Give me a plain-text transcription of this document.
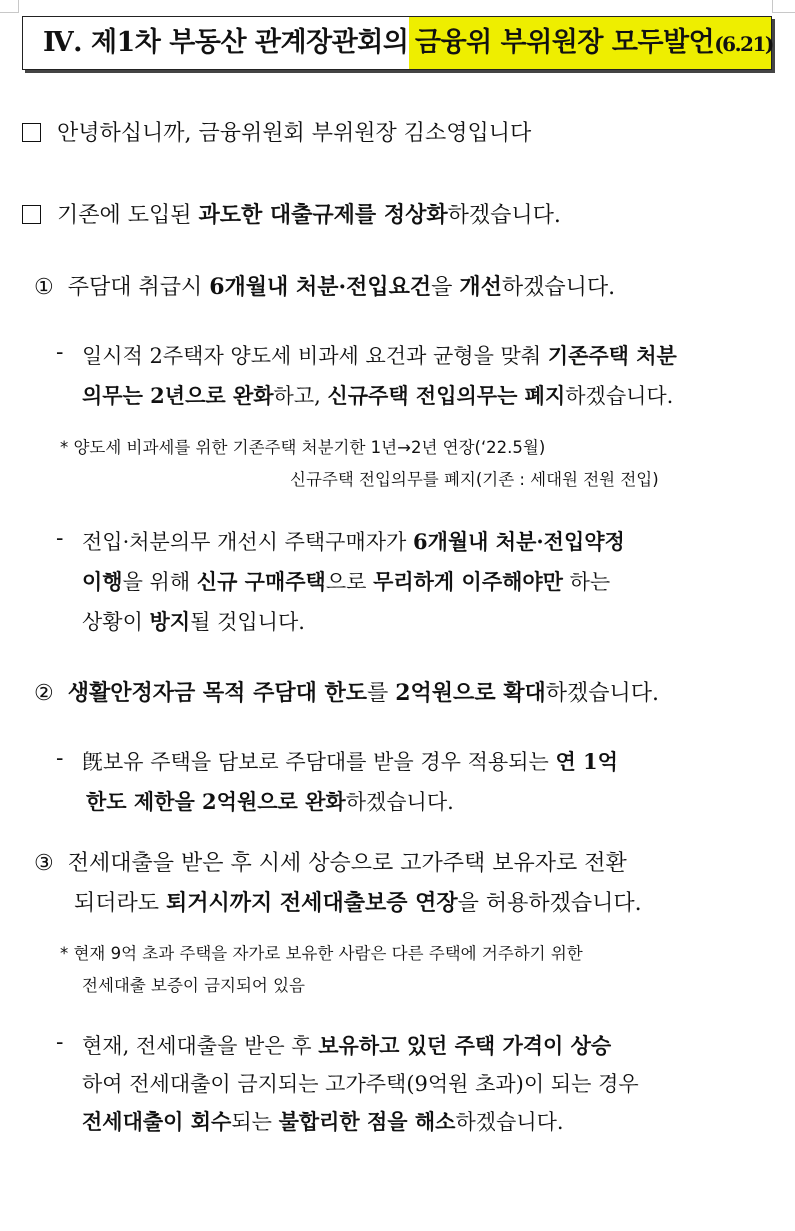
Ⅳ. 제1차 부동산 관계장관회의 금융위 부위원장 모두발언(6.21)
안녕하십니까, 금융위원회 부위원장 김소영입니다
기존에 도입된 과도한 대출규제를 정상화하겠습니다.
① 주담대 취급시 6개월내 처분·전입요건을 개선하겠습니다.
- 일시적 2주택자 양도세 비과세 요건과 균형을 맞춰 기존주택 처분
의무는 2년으로 완화하고, 신규주택 전입의무는 폐지하겠습니다.
* 양도세 비과세를 위한 기존주택 처분기한 1년→2년 연장(‘22.5월)
신규주택 전입의무를 폐지(기존 : 세대원 전원 전입)
- 전입·처분의무 개선시 주택구매자가 6개월내 처분·전입약정
이행을 위해 신규 구매주택으로 무리하게 이주해야만 하는
상황이 방지될 것입니다.
② 생활안정자금 목적 주담대 한도를 2억원으로 확대하겠습니다.
- 旣보유 주택을 담보로 주담대를 받을 경우 적용되는 연 1억
한도 제한을 2억원으로 완화하겠습니다.
③ 전세대출을 받은 후 시세 상승으로 고가주택 보유자로 전환
되더라도 퇴거시까지 전세대출보증 연장을 허용하겠습니다.
* 현재 9억 초과 주택을 자가로 보유한 사람은 다른 주택에 거주하기 위한
전세대출 보증이 금지되어 있음
- 현재, 전세대출을 받은 후 보유하고 있던 주택 가격이 상승
하여 전세대출이 금지되는 고가주택(9억원 초과)이 되는 경우
전세대출이 회수되는 불합리한 점을 해소하겠습니다.
